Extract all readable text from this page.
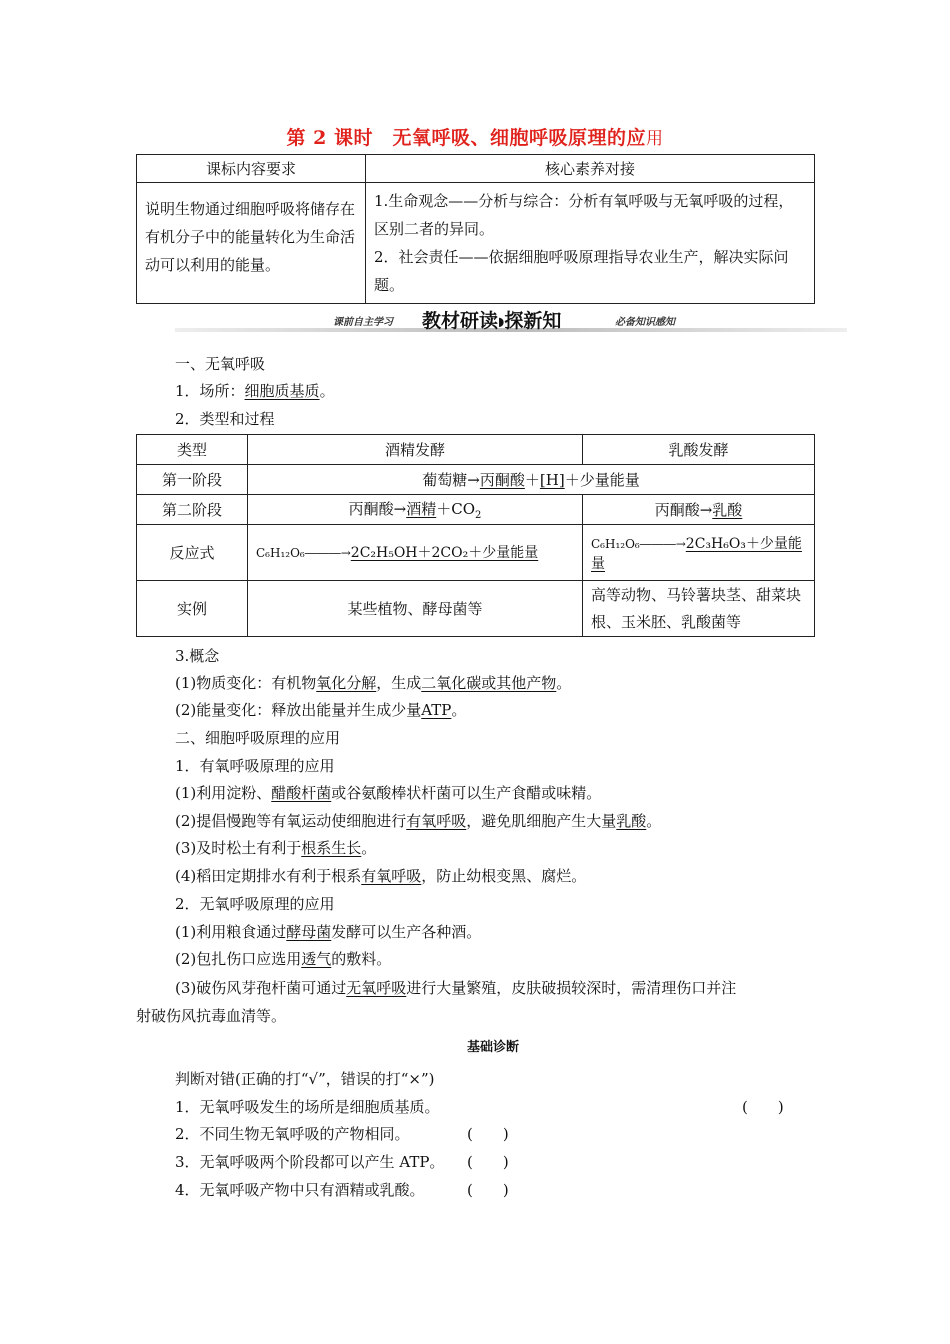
第 2 课时　无氧呼吸、细胞呼吸原理的应用
课标内容要求	核心素养对接
说明生物通过细胞呼吸将储存在有机分子中的能量转化为生命活动可以利用的能量。	1.生命观念——分析与综合：分析有氧呼吸与无氧呼吸的过程，区别二者的异同。
2．社会责任——依据细胞呼吸原理指导农业生产，解决实际问题。
课前自主学习 教材研读◗探新知	必备知识感知
一、无氧呼吸
1．场所：细胞质基质。
2．类型和过程
类型	酒精发酵	乳酸发酵
第一阶段	葡萄糖→丙酮酸＋[H]＋少量能量	
第二阶段	丙酮酸→酒精$+CO_2$	丙酮酸→乳酸
反应式	C₆H₁₂O₆―――→2C₂H₅OH＋2CO₂＋少量能量	C₆H₁₂O₆―――→2C₃H₆O₃＋少量能量
实例	某些植物、酵母菌等	高等动物、马铃薯块茎、甜菜块根、玉米胚、乳酸菌等
3.概念
(1)物质变化：有机物氧化分解，生成二氧化碳或其他产物。
(2)能量变化：释放出能量并生成少量ATP。
二、细胞呼吸原理的应用
1．有氧呼吸原理的应用
(1)利用淀粉、醋酸杆菌或谷氨酸棒状杆菌可以生产食醋或味精。
(2)提倡慢跑等有氧运动使细胞进行有氧呼吸，避免肌细胞产生大量乳酸。
(3)及时松土有利于根系生长。
(4)稻田定期排水有利于根系有氧呼吸，防止幼根变黑、腐烂。
2．无氧呼吸原理的应用
(1)利用粮食通过酵母菌发酵可以生产各种酒。
(2)包扎伤口应选用透气的敷料。
(3)破伤风芽孢杆菌可通过无氧呼吸进行大量繁殖，皮肤破损较深时，需清理伤口并注
射破伤风抗毒血清等。
基础诊断
判断对错(正确的打“√”，错误的打“×”)
1．无氧呼吸发生的场所是细胞质基质。	(　　)
2．不同生物无氧呼吸的产物相同。	(　　)
3．无氧呼吸两个阶段都可以产生 ATP。 (　　)
4．无氧呼吸产物中只有酒精或乳酸。	(　　)
